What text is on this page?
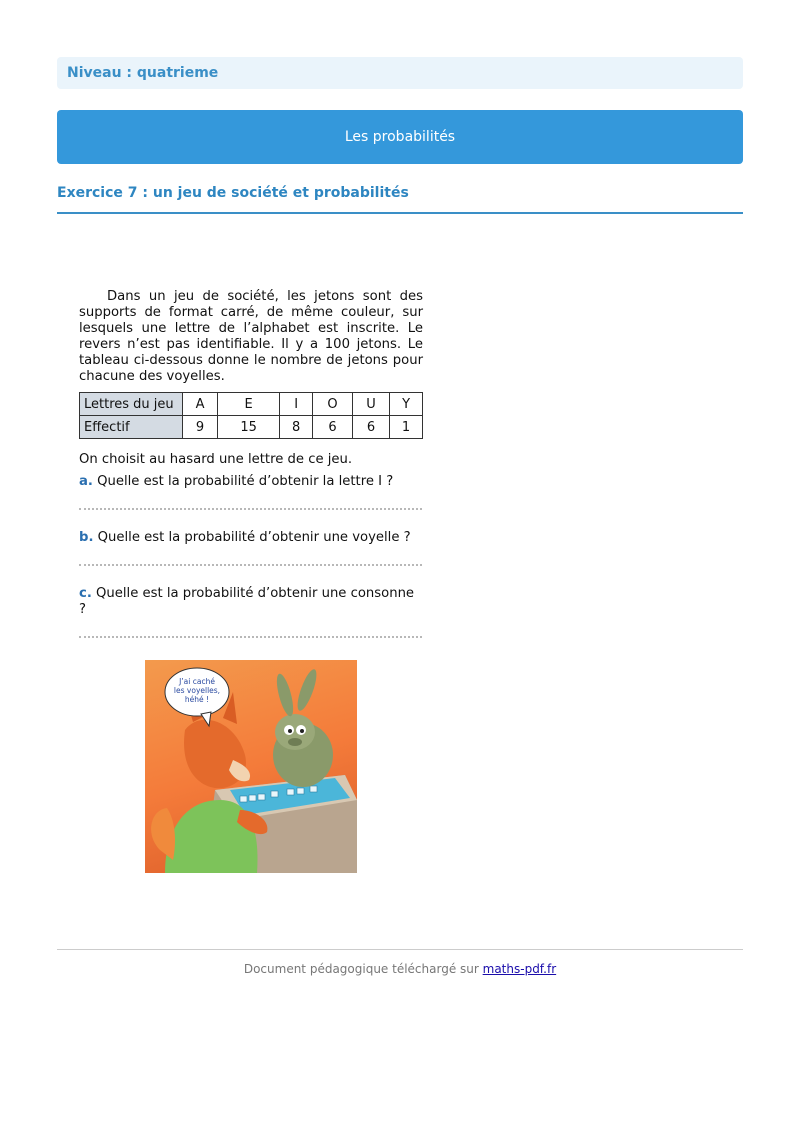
Niveau : quatrieme
Les probabilités
Exercice 7 : un jeu de société et probabilités

Dans un jeu de société, les jetons sont des supports de format carré, de même couleur, sur lesquels une lettre de l’alphabet est inscrite. Le revers n’est pas identifiable. Il y a 100 jetons. Le tableau ci-dessous donne le nombre de jetons pour chacune des voyelles.

Lettres du jeu	A	E	I	O	U	Y
Effectif	9	15	8	6	6	1
On choisit au hasard une lettre de ce jeu.
a. Quelle est la probabilité d’obtenir la lettre I ?
b. Quelle est la probabilité d’obtenir une voyelle ?
c. Quelle est la probabilité d’obtenir une consonne ?
J’ai caché
les voyelles,
héhé !
Document pédagogique téléchargé sur maths-pdf.fr
